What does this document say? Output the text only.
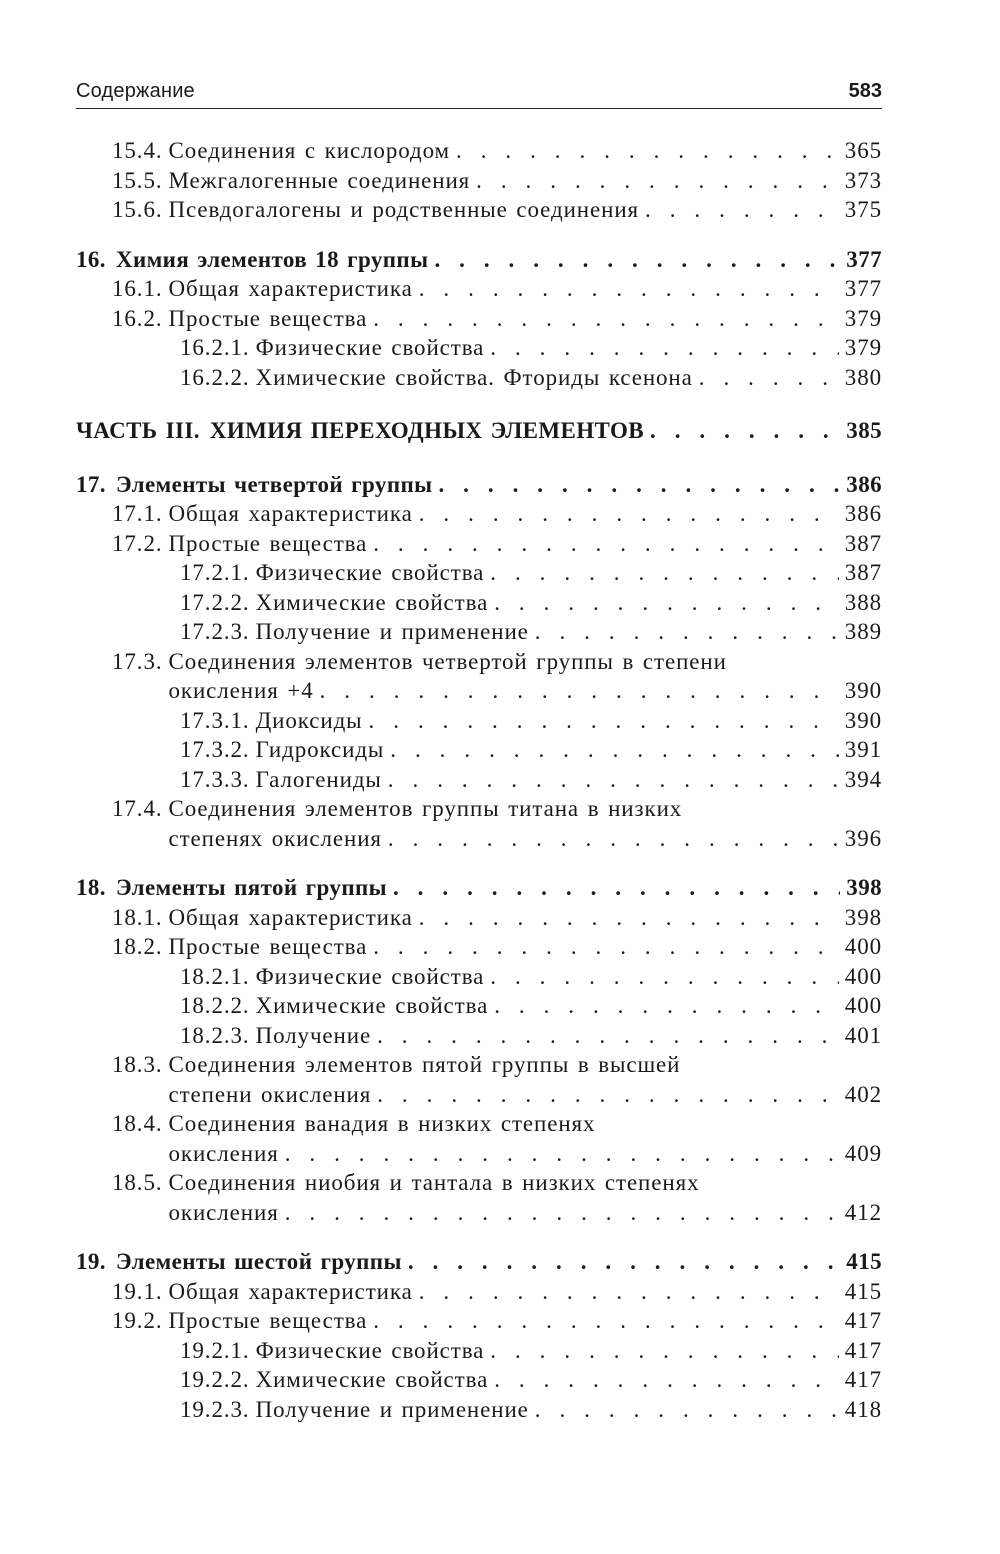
Содержание	583
15.4. Соединения с кислородом . . .	365
15.5. Межгалогенные соединения . . .	373
15.6. Псевдогалогены и родственные соединения . . .	375
16. Химия элементов 18 группы . . .	377
16.1. Общая характеристика . . .	377
16.2. Простые вещества . . .	379
16.2.1. Физические свойства . . .	379
16.2.2. Химические свойства. Фториды ксенона . . .	380
ЧАСТЬ III. ХИМИЯ ПЕРЕХОДНЫХ ЭЛЕМЕНТОВ . . .	385
17. Элементы четвертой группы . . .	386
17.1. Общая характеристика . . .	386
17.2. Простые вещества . . .	387
17.2.1. Физические свойства . . .	387
17.2.2. Химические свойства . . .	388
17.2.3. Получение и применение . . .	389
17.3. Соединения элементов четвертой группы в степени
окисления +4 . . .	390
17.3.1. Диоксиды . . .	390
17.3.2. Гидроксиды . . .	391
17.3.3. Галогениды . . .	394
17.4. Соединения элементов группы титана в низких
степенях окисления . . .	396
18. Элементы пятой группы . . .	398
18.1. Общая характеристика . . .	398
18.2. Простые вещества . . .	400
18.2.1. Физические свойства . . .	400
18.2.2. Химические свойства . . .	400
18.2.3. Получение . . .	401
18.3. Соединения элементов пятой группы в высшей
степени окисления . . .	402
18.4. Соединения ванадия в низких степенях
окисления . . .	409
18.5. Соединения ниобия и тантала в низких степенях
окисления . . .	412
19. Элементы шестой группы . . .	415
19.1. Общая характеристика . . .	415
19.2. Простые вещества . . .	417
19.2.1. Физические свойства . . .	417
19.2.2. Химические свойства . . .	417
19.2.3. Получение и применение . . .	418
